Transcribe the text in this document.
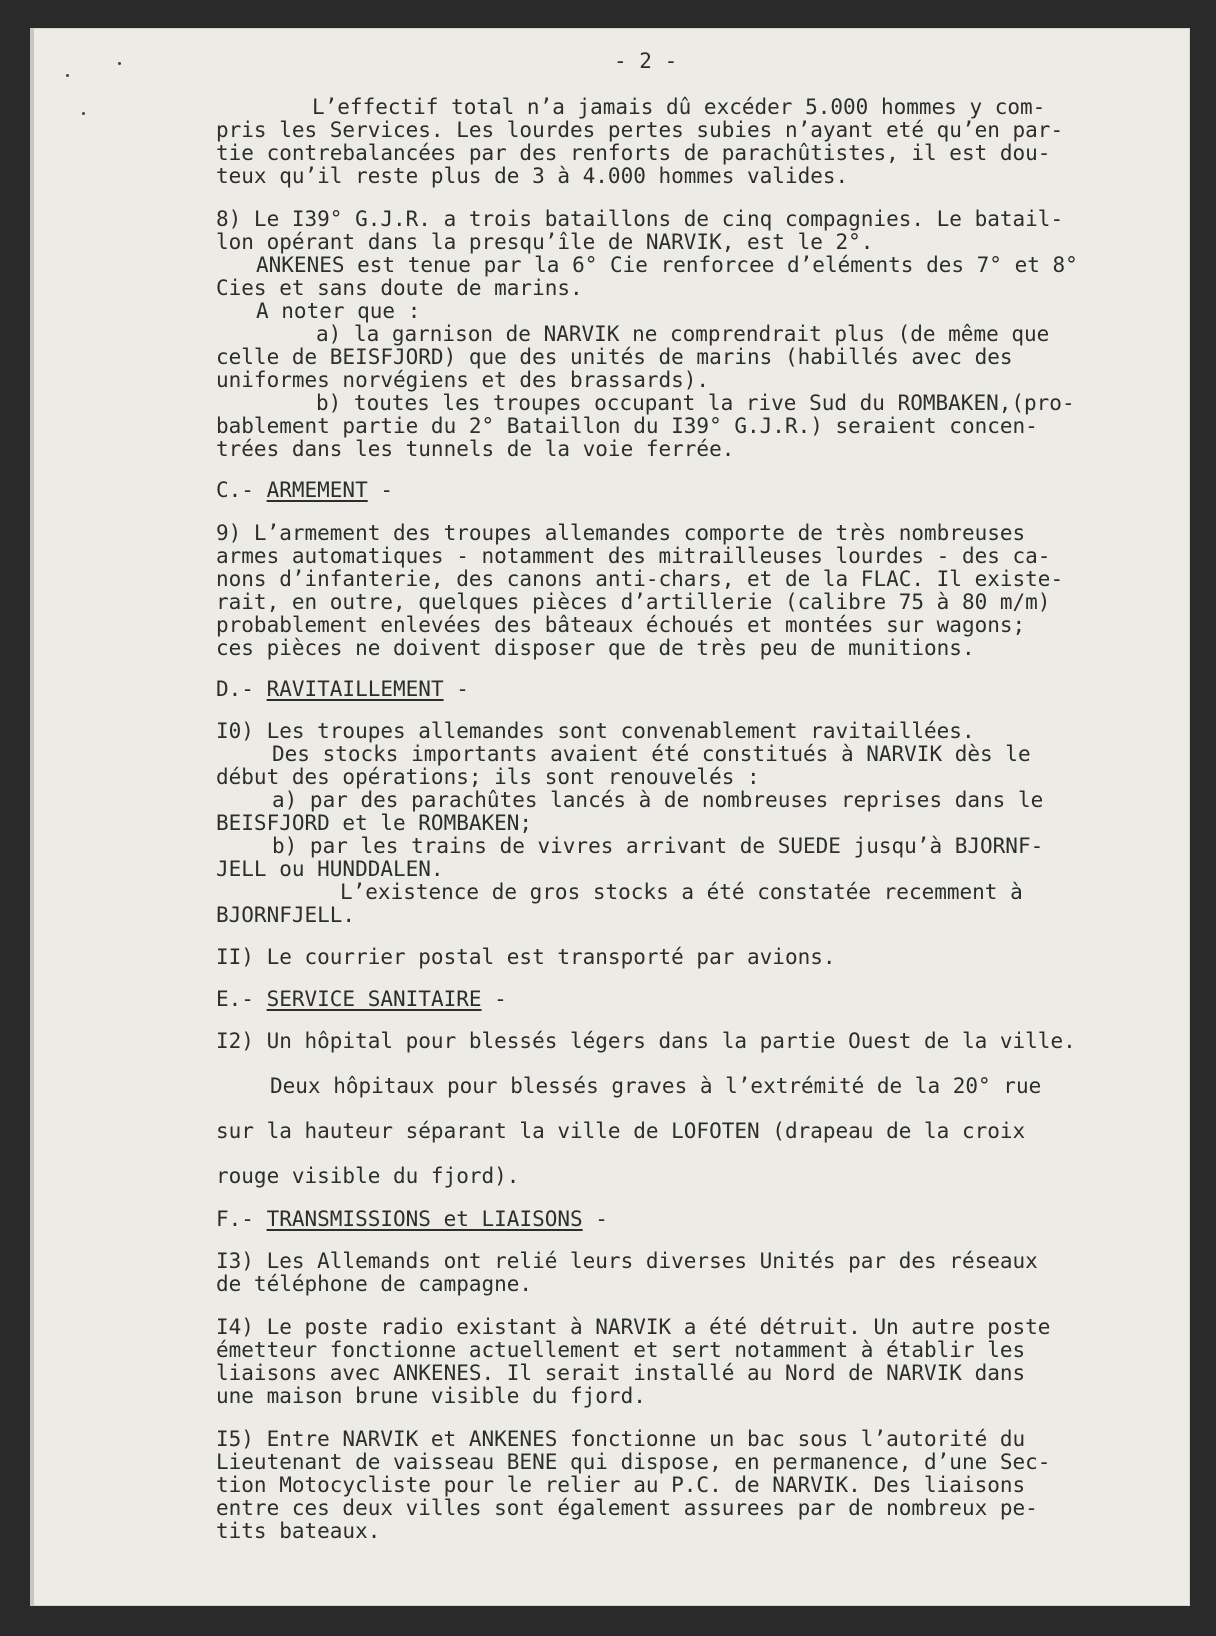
- 2 -
L’effectif total n’a jamais dû excéder 5.000 hommes y com-
pris les Services. Les lourdes pertes subies n’ayant eté qu’en par-
tie contrebalancées par des renforts de parachûtistes, il est dou-
teux qu’il reste plus de 3 à 4.000 hommes valides.
8) Le I39° G.J.R. a trois bataillons de cinq compagnies. Le batail-
lon opérant dans la presqu’île de NARVIK, est le 2°.
ANKENES est tenue par la 6° Cie renforcee d’eléments des 7° et 8°
Cies et sans doute de marins.
A noter que :
a) la garnison de NARVIK ne comprendrait plus (de même que
celle de BEISFJORD) que des unités de marins (habillés avec des
uniformes norvégiens et des brassards).
b) toutes les troupes occupant la rive Sud du ROMBAKEN,(pro-
bablement partie du 2° Bataillon du I39° G.J.R.) seraient concen-
trées dans les tunnels de la voie ferrée.
C.- ARMEMENT -
9) L’armement des troupes allemandes comporte de très nombreuses
armes automatiques - notamment des mitrailleuses lourdes - des ca-
nons d’infanterie, des canons anti-chars, et de la FLAC. Il existe-
rait, en outre, quelques pièces d’artillerie (calibre 75 à 80 m/m)
probablement enlevées des bâteaux échoués et montées sur wagons;
ces pièces ne doivent disposer que de très peu de munitions.
D.- RAVITAILLEMENT -
I0) Les troupes allemandes sont convenablement ravitaillées.
Des stocks importants avaient été constitués à NARVIK dès le
début des opérations; ils sont renouvelés :
a) par des parachûtes lancés à de nombreuses reprises dans le
BEISFJORD et le ROMBAKEN;
b) par les trains de vivres arrivant de SUEDE jusqu’à BJORNF-
JELL ou HUNDDALEN.
L’existence de gros stocks a été constatée recemment à
BJORNFJELL.
II) Le courrier postal est transporté par avions.
E.- SERVICE SANITAIRE -
I2) Un hôpital pour blessés légers dans la partie Ouest de la ville.
Deux hôpitaux pour blessés graves à l’extrémité de la 20° rue
sur la hauteur séparant la ville de LOFOTEN (drapeau de la croix
rouge visible du fjord).
F.- TRANSMISSIONS et LIAISONS -
I3) Les Allemands ont relié leurs diverses Unités par des réseaux
de téléphone de campagne.
I4) Le poste radio existant à NARVIK a été détruit. Un autre poste
émetteur fonctionne actuellement et sert notamment à établir les
liaisons avec ANKENES. Il serait installé au Nord de NARVIK dans
une maison brune visible du fjord.
I5) Entre NARVIK et ANKENES fonctionne un bac sous l’autorité du
Lieutenant de vaisseau BENE qui dispose, en permanence, d’une Sec-
tion Motocycliste pour le relier au P.C. de NARVIK. Des liaisons
entre ces deux villes sont également assurees par de nombreux pe-
tits bateaux.
